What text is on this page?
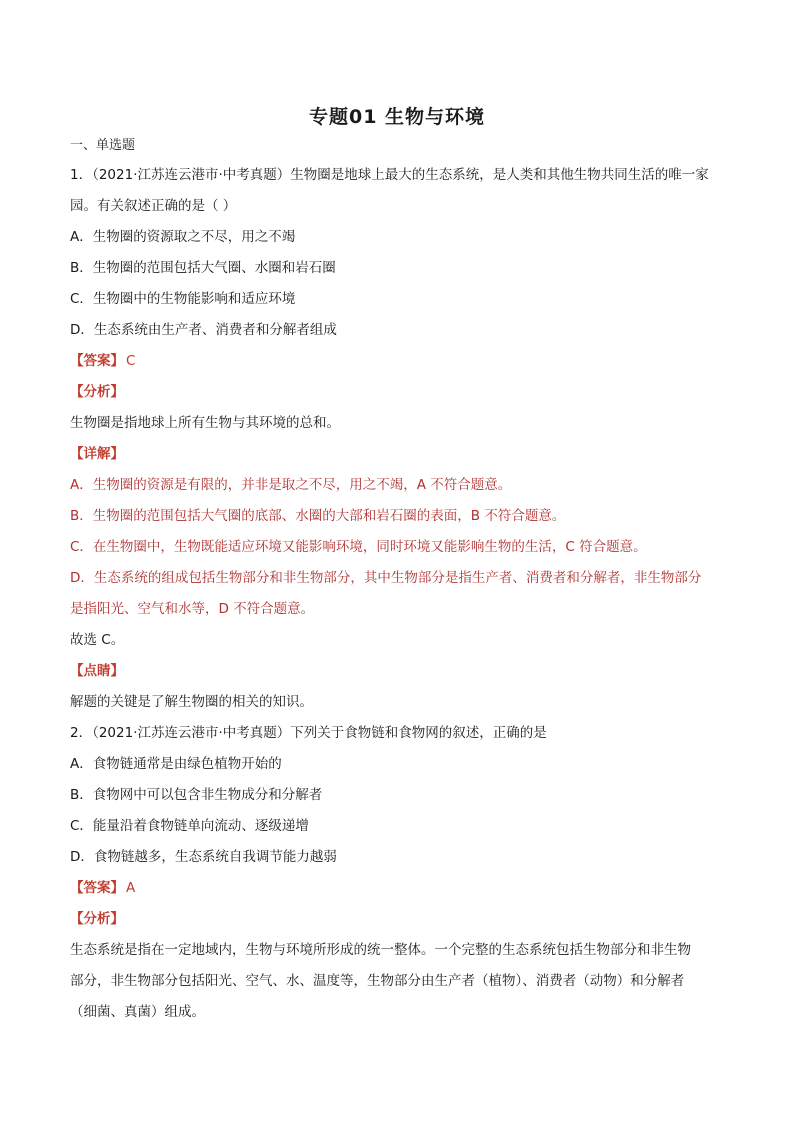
专题01 生物与环境
一、单选题
1．（2021·江苏连云港市·中考真题）生物圈是地球上最大的生态系统，是人类和其他生物共同生活的唯一家
园。有关叙述正确的是（ ）
A．生物圈的资源取之不尽，用之不竭
B．生物圈的范围包括大气圈、水圈和岩石圈
C．生物圈中的生物能影响和适应环境
D．生态系统由生产者、消费者和分解者组成
【答案】 C
【分析】
生物圈是指地球上所有生物与其环境的总和。
【详解】
A．生物圈的资源是有限的，并非是取之不尽，用之不竭，A 不符合题意。
B．生物圈的范围包括大气圈的底部、水圈的大部和岩石圈的表面，B 不符合题意。
C．在生物圈中，生物既能适应环境又能影响环境，同时环境又能影响生物的生活，C 符合题意。
D．生态系统的组成包括生物部分和非生物部分，其中生物部分是指生产者、消费者和分解者，非生物部分
是指阳光、空气和水等，D 不符合题意。
故选 C。
【点睛】
解题的关键是了解生物圈的相关的知识。
2．（2021·江苏连云港市·中考真题）下列关于食物链和食物网的叙述，正确的是
A．食物链通常是由绿色植物开始的
B．食物网中可以包含非生物成分和分解者
C．能量沿着食物链单向流动、逐级递增
D．食物链越多，生态系统自我调节能力越弱
【答案】 A
【分析】
生态系统是指在一定地域内，生物与环境所形成的统一整体。一个完整的生态系统包括生物部分和非生物
部分，非生物部分包括阳光、空气、水、温度等，生物部分由生产者（植物）、消费者（动物）和分解者
（细菌、真菌）组成。
